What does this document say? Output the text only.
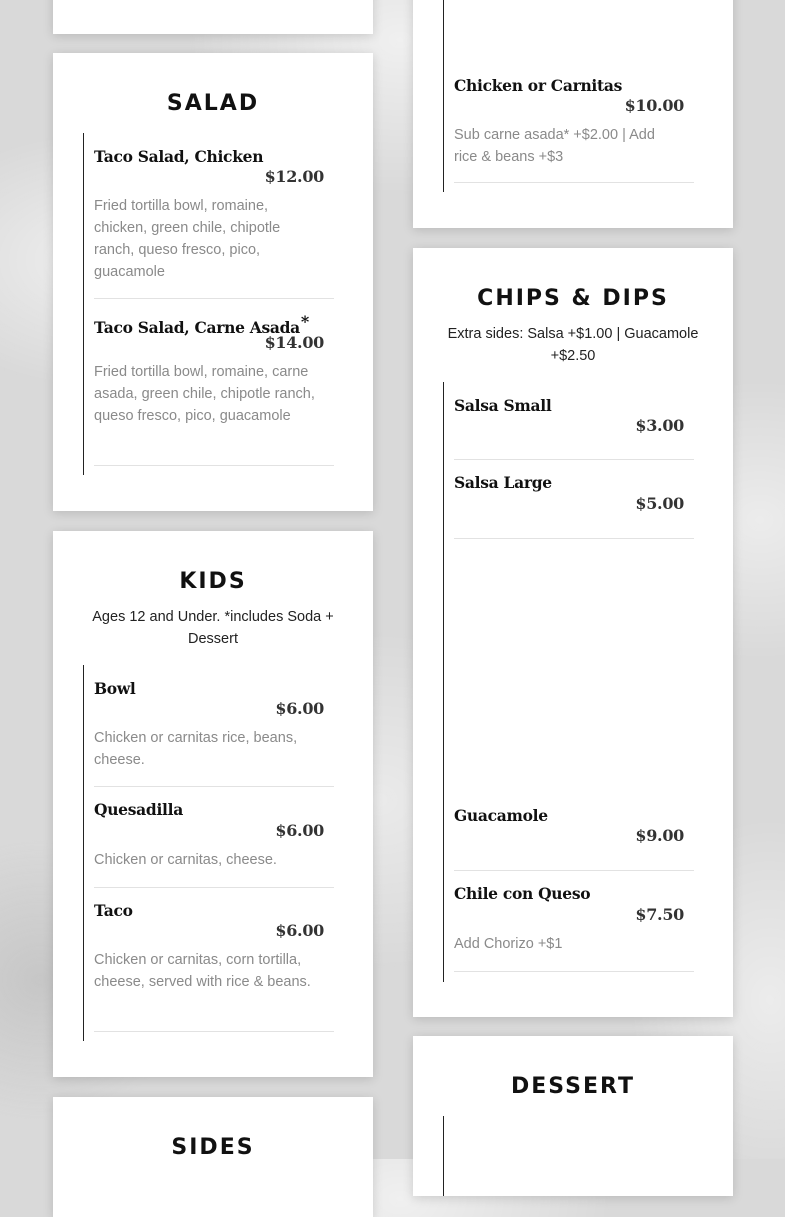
SALAD
Taco Salad, Chicken
$12.00
Fried tortilla bowl, romaine, chicken, green chile, chipotle ranch, queso fresco, pico, guacamole
Taco Salad, Carne Asada*
$14.00
Fried tortilla bowl, romaine, carne asada, green chile, chipotle ranch, queso fresco, pico, guacamole
KIDS
Ages 12 and Under. *includes Soda + Dessert
Bowl
$6.00
Chicken or carnitas rice, beans, cheese.
Quesadilla
$6.00
Chicken or carnitas, cheese.
Taco
$6.00
Chicken or carnitas, corn tortilla, cheese, served with rice & beans.
SIDES
Chicken or Carnitas
$10.00
Sub carne asada* +$2.00 | Add rice & beans +$3
CHIPS & DIPS
Extra sides: Salsa +$1.00 | Guacamole +$2.50
Salsa Small
$3.00
Salsa Large
$5.00
Guacamole
$9.00
Chile con Queso
$7.50
Add Chorizo +$1
DESSERT
